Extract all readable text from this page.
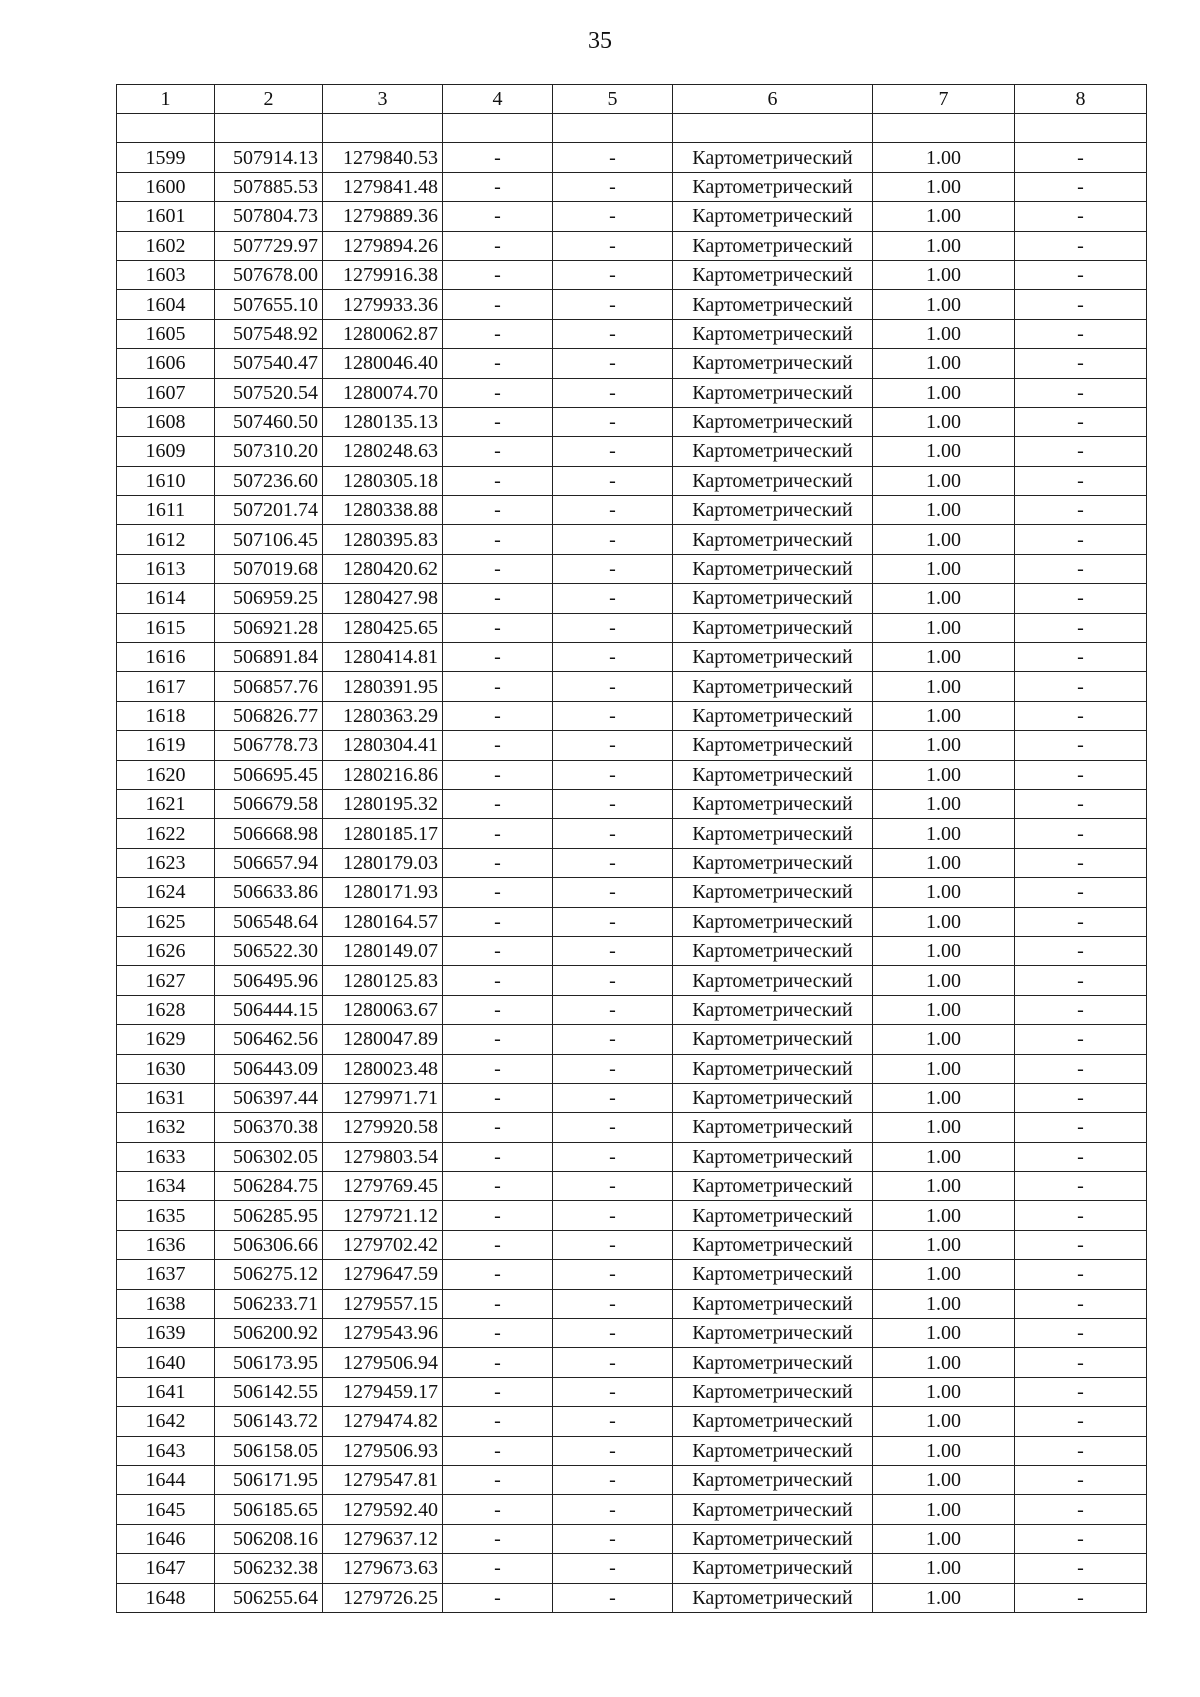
35
1	2	3	4	5	6	7	8

1599	507914.13	1279840.53	-	-	Картометрический	1.00	-
1600	507885.53	1279841.48	-	-	Картометрический	1.00	-
1601	507804.73	1279889.36	-	-	Картометрический	1.00	-
1602	507729.97	1279894.26	-	-	Картометрический	1.00	-
1603	507678.00	1279916.38	-	-	Картометрический	1.00	-
1604	507655.10	1279933.36	-	-	Картометрический	1.00	-
1605	507548.92	1280062.87	-	-	Картометрический	1.00	-
1606	507540.47	1280046.40	-	-	Картометрический	1.00	-
1607	507520.54	1280074.70	-	-	Картометрический	1.00	-
1608	507460.50	1280135.13	-	-	Картометрический	1.00	-
1609	507310.20	1280248.63	-	-	Картометрический	1.00	-
1610	507236.60	1280305.18	-	-	Картометрический	1.00	-
1611	507201.74	1280338.88	-	-	Картометрический	1.00	-
1612	507106.45	1280395.83	-	-	Картометрический	1.00	-
1613	507019.68	1280420.62	-	-	Картометрический	1.00	-
1614	506959.25	1280427.98	-	-	Картометрический	1.00	-
1615	506921.28	1280425.65	-	-	Картометрический	1.00	-
1616	506891.84	1280414.81	-	-	Картометрический	1.00	-
1617	506857.76	1280391.95	-	-	Картометрический	1.00	-
1618	506826.77	1280363.29	-	-	Картометрический	1.00	-
1619	506778.73	1280304.41	-	-	Картометрический	1.00	-
1620	506695.45	1280216.86	-	-	Картометрический	1.00	-
1621	506679.58	1280195.32	-	-	Картометрический	1.00	-
1622	506668.98	1280185.17	-	-	Картометрический	1.00	-
1623	506657.94	1280179.03	-	-	Картометрический	1.00	-
1624	506633.86	1280171.93	-	-	Картометрический	1.00	-
1625	506548.64	1280164.57	-	-	Картометрический	1.00	-
1626	506522.30	1280149.07	-	-	Картометрический	1.00	-
1627	506495.96	1280125.83	-	-	Картометрический	1.00	-
1628	506444.15	1280063.67	-	-	Картометрический	1.00	-
1629	506462.56	1280047.89	-	-	Картометрический	1.00	-
1630	506443.09	1280023.48	-	-	Картометрический	1.00	-
1631	506397.44	1279971.71	-	-	Картометрический	1.00	-
1632	506370.38	1279920.58	-	-	Картометрический	1.00	-
1633	506302.05	1279803.54	-	-	Картометрический	1.00	-
1634	506284.75	1279769.45	-	-	Картометрический	1.00	-
1635	506285.95	1279721.12	-	-	Картометрический	1.00	-
1636	506306.66	1279702.42	-	-	Картометрический	1.00	-
1637	506275.12	1279647.59	-	-	Картометрический	1.00	-
1638	506233.71	1279557.15	-	-	Картометрический	1.00	-
1639	506200.92	1279543.96	-	-	Картометрический	1.00	-
1640	506173.95	1279506.94	-	-	Картометрический	1.00	-
1641	506142.55	1279459.17	-	-	Картометрический	1.00	-
1642	506143.72	1279474.82	-	-	Картометрический	1.00	-
1643	506158.05	1279506.93	-	-	Картометрический	1.00	-
1644	506171.95	1279547.81	-	-	Картометрический	1.00	-
1645	506185.65	1279592.40	-	-	Картометрический	1.00	-
1646	506208.16	1279637.12	-	-	Картометрический	1.00	-
1647	506232.38	1279673.63	-	-	Картометрический	1.00	-
1648	506255.64	1279726.25	-	-	Картометрический	1.00	-
